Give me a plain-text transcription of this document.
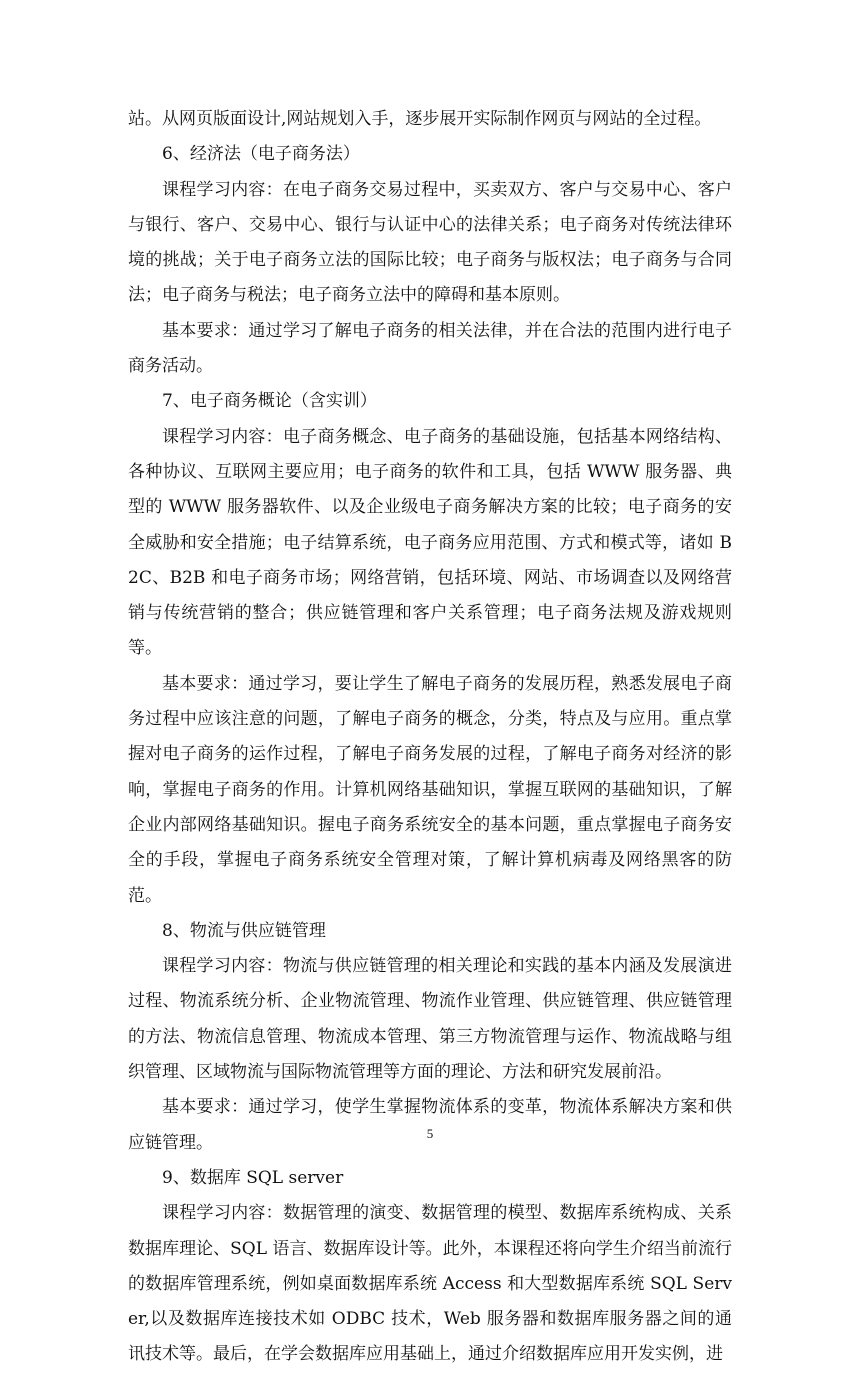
站。从网页版面设计,网站规划入手，逐步展开实际制作网页与网站的全过程。

6、经济法（电子商务法）

课程学习内容：在电子商务交易过程中，买卖双方、客户与交易中心、客户与银行、客户、交易中心、银行与认证中心的法律关系；电子商务对传统法律环境的挑战；关于电子商务立法的国际比较；电子商务与版权法；电子商务与合同法；电子商务与税法；电子商务立法中的障碍和基本原则。

基本要求：通过学习了解电子商务的相关法律，并在合法的范围内进行电子商务活动。

7、电子商务概论（含实训）

课程学习内容：电子商务概念、电子商务的基础设施，包括基本网络结构、各种协议、互联网主要应用；电子商务的软件和工具，包括 WWW 服务器、典型的 WWW 服务器软件、以及企业级电子商务解决方案的比较；电子商务的安全威胁和安全措施；电子结算系统，电子商务应用范围、方式和模式等，诸如 B2C、B2B 和电子商务市场；网络营销，包括环境、网站、市场调查以及网络营销与传统营销的整合；供应链管理和客户关系管理；电子商务法规及游戏规则等。

基本要求：通过学习，要让学生了解电子商务的发展历程，熟悉发展电子商务过程中应该注意的问题，了解电子商务的概念，分类，特点及与应用。重点掌握对电子商务的运作过程，了解电子商务发展的过程，了解电子商务对经济的影响，掌握电子商务的作用。计算机网络基础知识，掌握互联网的基础知识，了解企业内部网络基础知识。握电子商务系统安全的基本问题，重点掌握电子商务安全的手段，掌握电子商务系统安全管理对策，了解计算机病毒及网络黑客的防范。

8、物流与供应链管理

课程学习内容：物流与供应链管理的相关理论和实践的基本内涵及发展演进过程、物流系统分析、企业物流管理、物流作业管理、供应链管理、供应链管理的方法、物流信息管理、物流成本管理、第三方物流管理与运作、物流战略与组织管理、区域物流与国际物流管理等方面的理论、方法和研究发展前沿。

基本要求：通过学习，使学生掌握物流体系的变革，物流体系解决方案和供应链管理。

9、数据库 SQL server

课程学习内容：数据管理的演变、数据管理的模型、数据库系统构成、关系数据库理论、SQL 语言、数据库设计等。此外，本课程还将向学生介绍当前流行的数据库管理系统，例如桌面数据库系统 Access 和大型数据库系统 SQL Server,以及数据库连接技术如 ODBC 技术，Web 服务器和数据库服务器之间的通讯技术等。最后，在学会数据库应用基础上，通过介绍数据库应用开发实例，进

5
